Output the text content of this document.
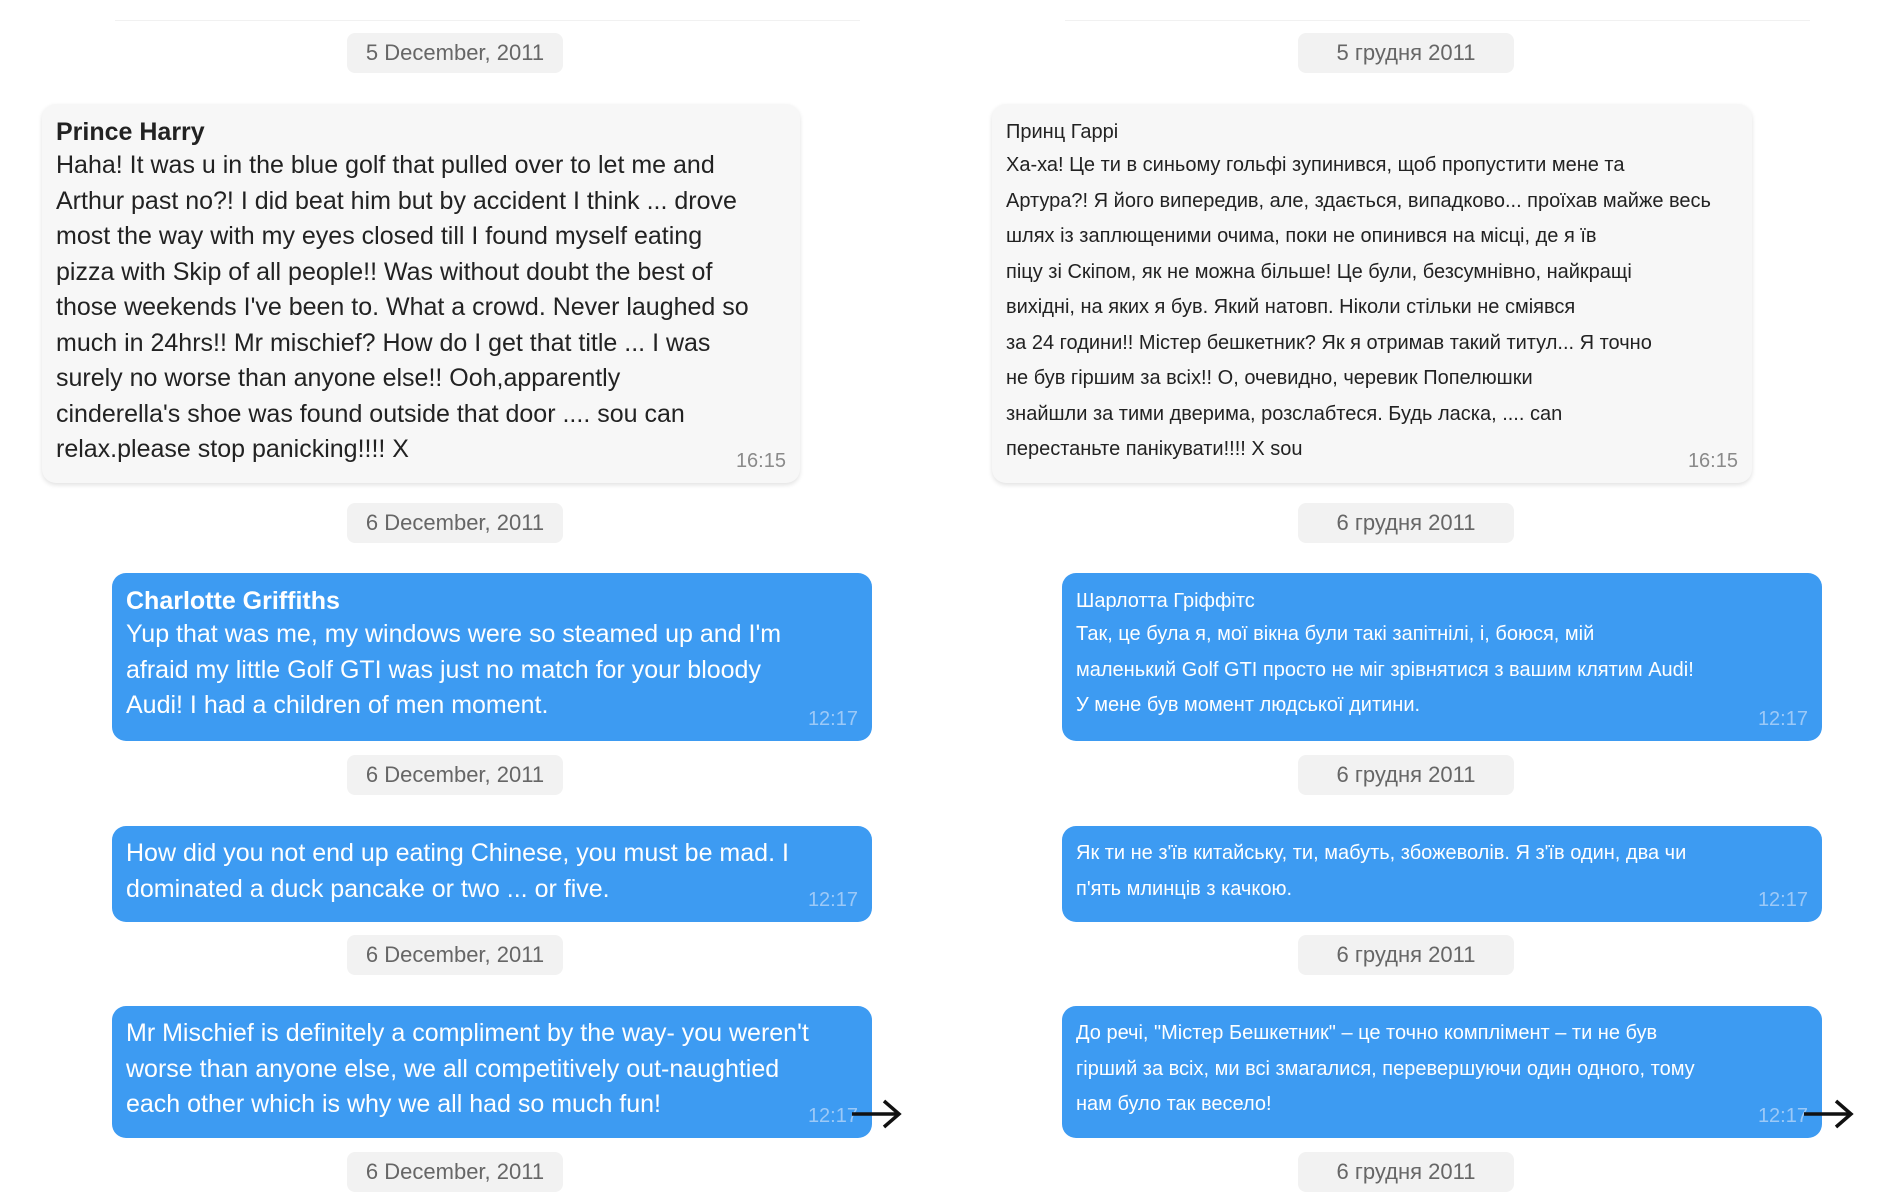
5 December, 2011
Prince Harry
Haha! It was u in the blue golf that pulled over to let me and
Arthur past no?! I did beat him but by accident I think ... drove
most the way with my eyes closed till I found myself eating
pizza with Skip of all people!! Was without doubt the best of
those weekends I've been to. What a crowd. Never laughed so
much in 24hrs!! Mr mischief? How do I get that title ... I was
surely no worse than anyone else!! Ooh,apparently
cinderella's shoe was found outside that door .... sou can
relax.please stop panicking!!!! X	16:15
6 December, 2011
Charlotte Griffiths
Yup that was me, my windows were so steamed up and I'm
afraid my little Golf GTI was just no match for your bloody
Audi! I had a children of men moment.	12:17
6 December, 2011
How did you not end up eating Chinese, you must be mad. I
dominated a duck pancake or two ... or five.	12:17
6 December, 2011
Mr Mischief is definitely a compliment by the way- you weren't
worse than anyone else, we all competitively out-naughtied
each other which is why we all had so much fun!	12:17
6 December, 2011
5 грудня 2011
Принц Гаррі
Ха-ха! Це ти в синьому гольфі зупинився, щоб пропустити мене та
Артура?! Я його випередив, але, здається, випадково... проїхав майже весь
шлях із заплющеними очима, поки не опинився на місці, де я їв
піцу зі Скіпом, як не можна більше! Це були, безсумнівно, найкращі
вихідні, на яких я був. Який натовп. Ніколи стільки не сміявся
за 24 години!! Містер бешкетник? Як я отримав такий титул... Я точно
не був гіршим за всіх!! О, очевидно, черевик Попелюшки
знайшли за тими дверима, розслабтеся. Будь ласка, .... can
перестаньте панікувати!!!! X sou
16:15
6 грудня 2011
Шарлотта Гріффітс
Так, це була я, мої вікна були такі запітнілі, і, боюся, мій
маленький Golf GTI просто не міг зрівнятися з вашим клятим Audi!
У мене був момент людської дитини.
12:17
6 грудня 2011
Як ти не з'їв китайську, ти, мабуть, збожеволів. Я з'їв один, два чи
п'ять млинців з качкою.
12:17
6 грудня 2011
До речі, "Містер Бешкетник" – це точно комплімент – ти не був
гірший за всіх, ми всі змагалися, перевершуючи один одного, тому
нам було так весело!
12:17
6 грудня 2011
